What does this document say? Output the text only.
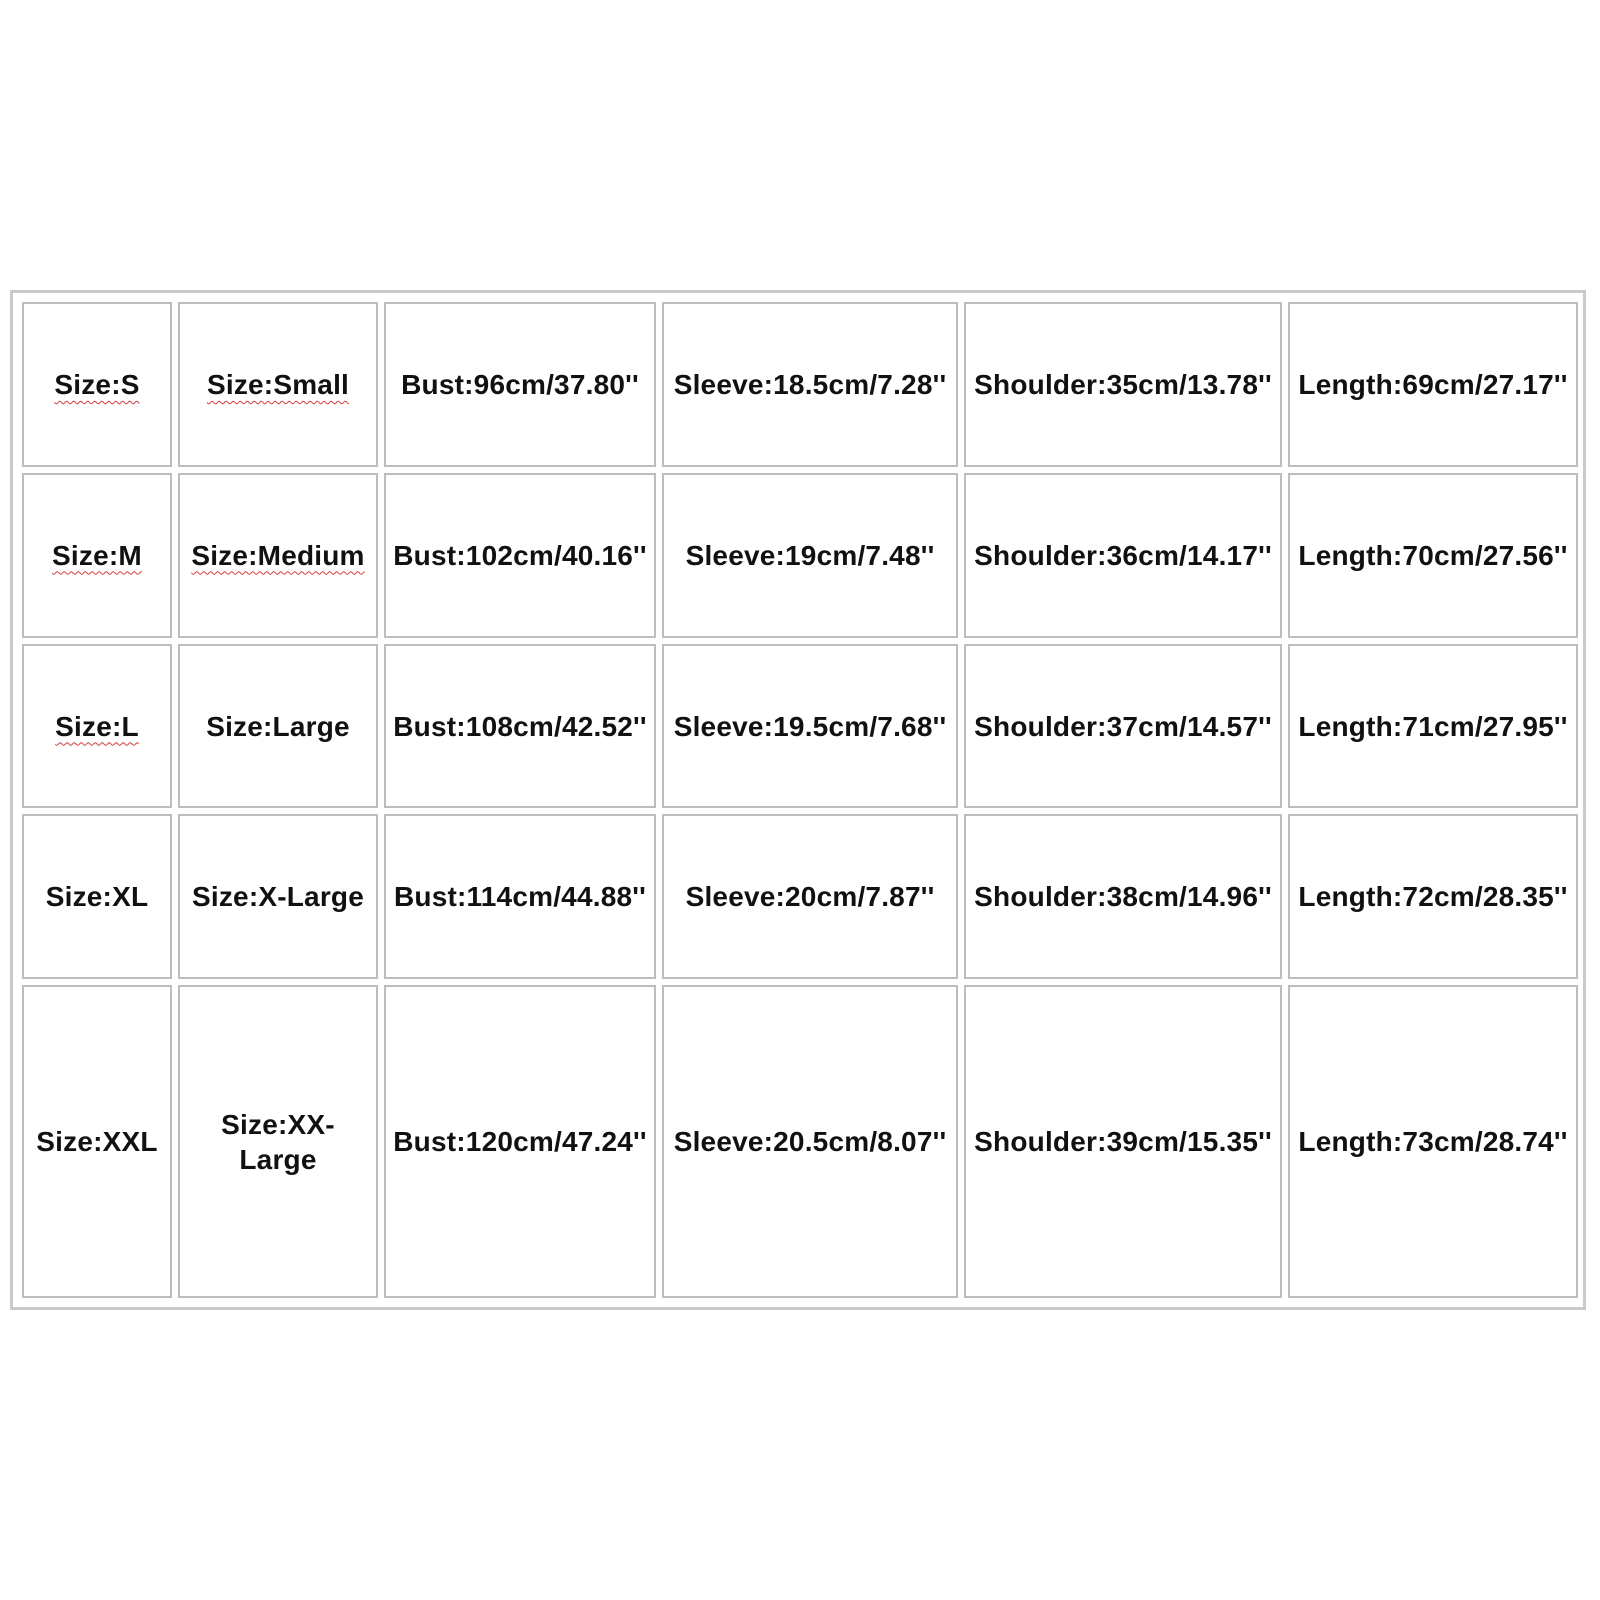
Size:S	Size:Small	Bust:96cm/37.80''	Sleeve:18.5cm/7.28''	Shoulder:35cm/13.78''	Length:69cm/27.17''
Size:M	Size:Medium	Bust:102cm/40.16''	Sleeve:19cm/7.48''	Shoulder:36cm/14.17''	Length:70cm/27.56''
Size:L	Size:Large	Bust:108cm/42.52''	Sleeve:19.5cm/7.68''	Shoulder:37cm/14.57''	Length:71cm/27.95''
Size:XL	Size:X-Large	Bust:114cm/44.88''	Sleeve:20cm/7.87''	Shoulder:38cm/14.96''	Length:72cm/28.35''
Size:XXL	Size:XX-Large	Bust:120cm/47.24''	Sleeve:20.5cm/8.07''	Shoulder:39cm/15.35''	Length:73cm/28.74''
